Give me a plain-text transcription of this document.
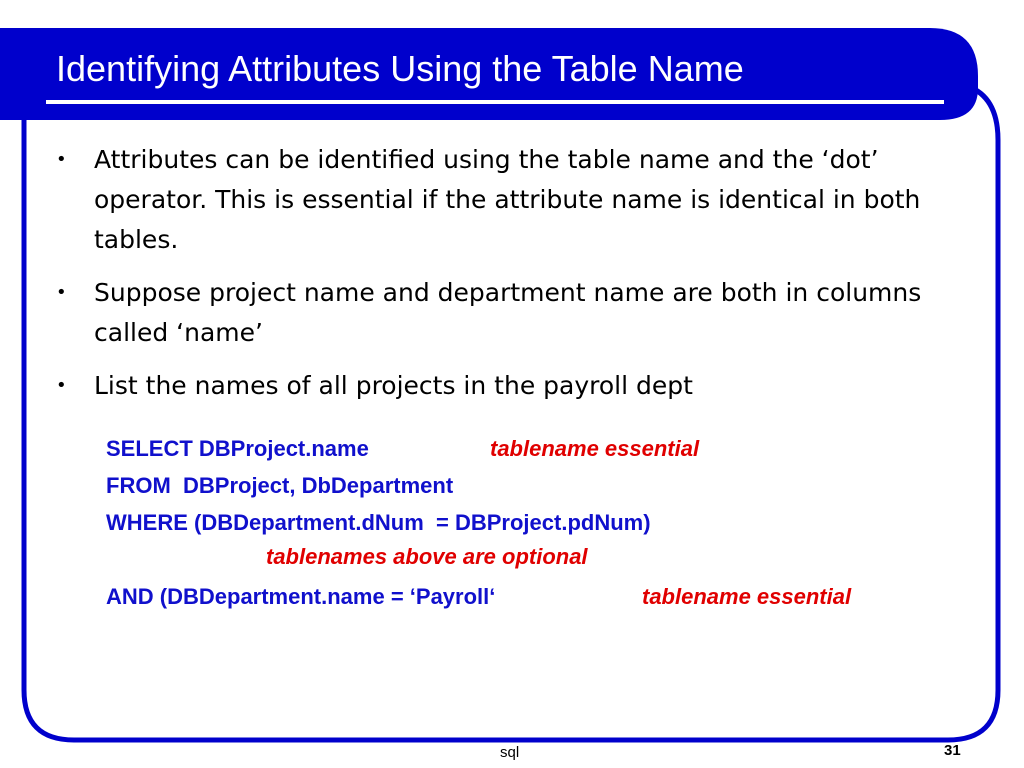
Identifying Attributes Using the Table Name
• Attributes can be identified using the table name and the ‘dot’ operator. This is essential if the attribute name is identical in both tables.
• Suppose project name and department name are both in columns called ‘name’
• List the names of all projects in the payroll dept
SELECT DBProject.name	tablename essential
FROM  DBProject, DbDepartment
WHERE (DBDepartment.dNum  = DBProject.pdNum)
tablenames above are optional
AND (DBDepartment.name = ‘Payroll‘	tablename essential
sql	31
